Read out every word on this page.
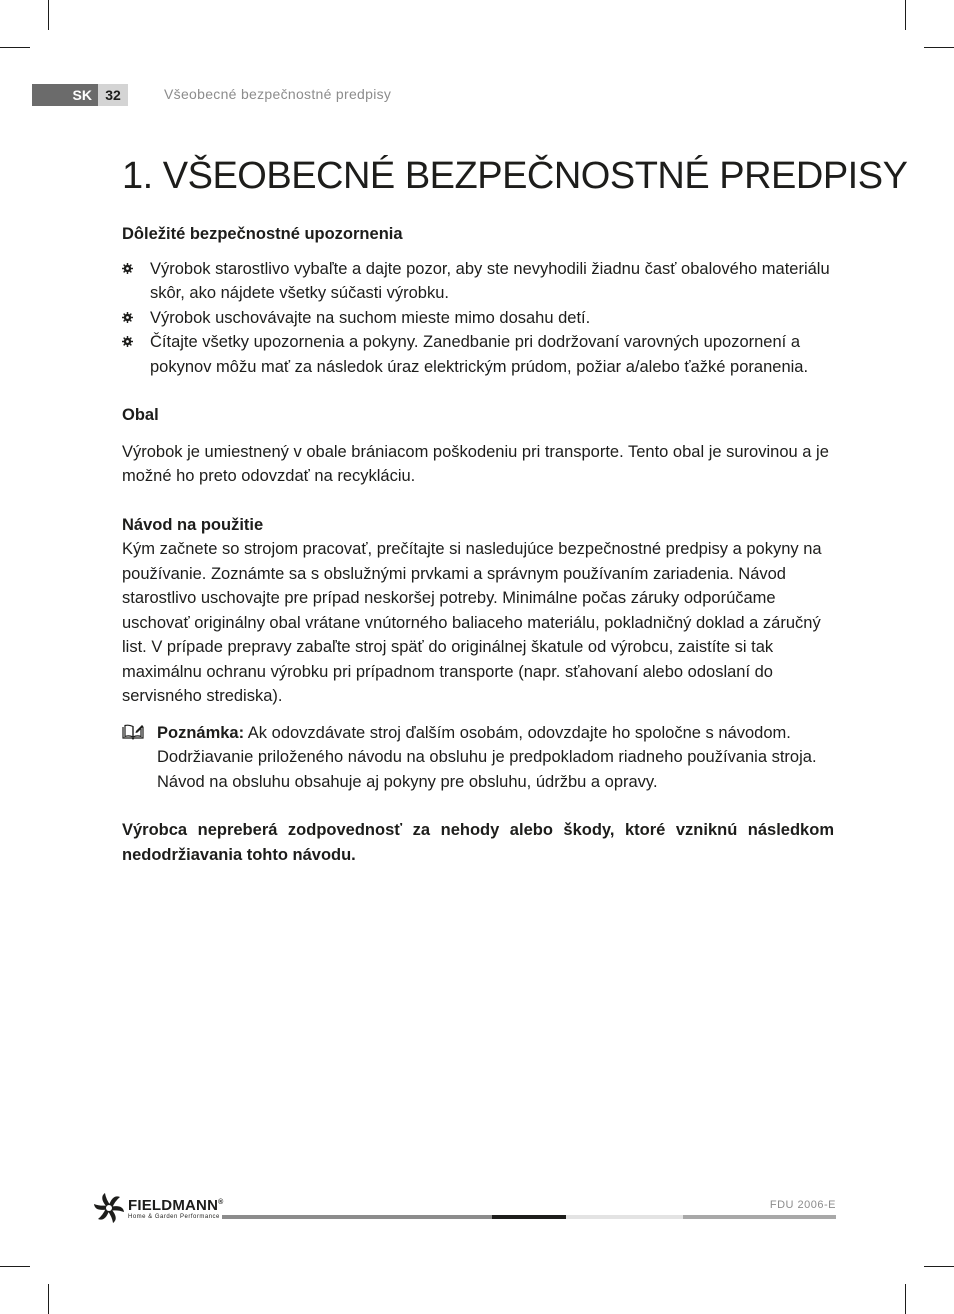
SK 32	Všeobecné bezpečnostné predpisy
1. VŠEOBECNÉ BEZPEČNOSTNÉ PREDPISY
Dôležité bezpečnostné upozornenia
Výrobok starostlivo vybaľte a dajte pozor, aby ste nevyhodili žiadnu časť obalového materiálu skôr, ako nájdete všetky súčasti výrobku.
Výrobok uschovávajte na suchom mieste mimo dosahu detí.
Čítajte všetky upozornenia a pokyny. Zanedbanie pri dodržovaní varovných upozornení a pokynov môžu mať za následok úraz elektrickým prúdom, požiar a/alebo ťažké poranenia.
Obal

Výrobok je umiestnený v obale brániacom poškodeniu pri transporte. Tento obal je surovinou a je možné ho preto odovzdať na recykláciu.

Návod na použitie

Kým začnete so strojom pracovať, prečítajte si nasledujúce bezpečnostné predpisy a pokyny na používanie. Zoznámte sa s obslužnými prvkami a správnym používaním zariadenia. Návod starostlivo uschovajte pre prípad neskoršej potreby. Minimálne počas záruky odporúčame uschovať originálny obal vrátane vnútorného baliaceho materiálu, pokladničný doklad a záručný list. V prípade prepravy zabaľte stroj späť do originálnej škatule od výrobcu, zaistíte si tak maximálnu ochranu výrobku pri prípadnom transporte (napr. sťahovaní alebo odoslaní do servisného strediska).

Poznámka: Ak odovzdávate stroj ďalším osobám, odovzdajte ho spoločne s návodom. Dodržiavanie priloženého návodu na obsluhu je predpokladom riadneho používania stroja. Návod na obsluhu obsahuje aj pokyny pre obsluhu, údržbu a opravy.

Výrobca nepreberá zodpovednosť za nehody alebo škody, ktoré vzniknú následkom nedodržiavania tohto návodu.

FIELDMANN®
Home & Garden Performance
FDU 2006-E
